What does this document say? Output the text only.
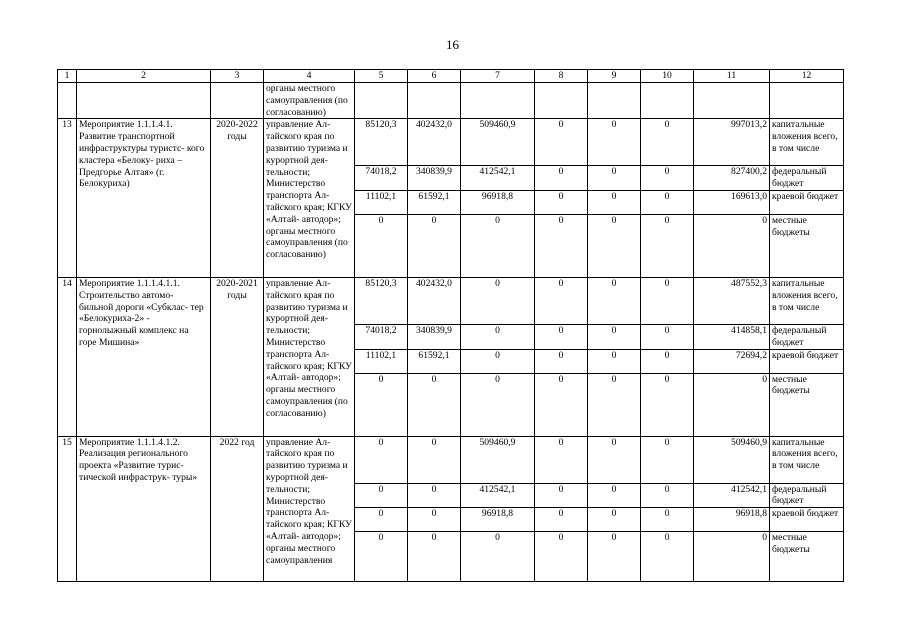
16
1	2	3	4	5	6	7	8	9	10	11	12
			органы местного самоуправления (по согласованию)								
13	Мероприятие 1.1.1.4.1. Развитие транспортной инфраструктуры туристс- кого кластера «Белоку- риха – Предгорье Алтая» (г. Белокуриха)	2020-2022 годы	управление Ал- тайского края по развитию туризма и курортной дея- тельности; Министерство транспорта Ал- тайского края; КГКУ «Алтай- автодор»; органы местного самоуправления (по согласованию)	85120,3	402432,0	509460,9	0	0	0	997013,2	капитальные вложения всего, в том числе
				74018,2	340839,9	412542,1	0	0	0	827400,2	федеральный бюджет
				11102,1	61592,1	96918,8	0	0	0	169613,0	краевой бюджет
				0	0	0	0	0	0	0	местные бюджеты
14	Мероприятие 1.1.1.4.1.1. Строительство автомо- бильной дороги «Субклас- тер «Белокуриха-2» - горнолыжный комплекс на горе Мишина»	2020-2021 годы	управление Ал- тайского края по развитию туризма и курортной дея- тельности; Министерство транспорта Ал- тайского края; КГКУ «Алтай- автодор»; органы местного самоуправления (по согласованию)	85120,3	402432,0	0	0	0	0	487552,3	капитальные вложения всего, в том числе
				74018,2	340839,9	0	0	0	0	414858,1	федеральный бюджет
				11102,1	61592,1	0	0	0	0	72694,2	краевой бюджет
				0	0	0	0	0	0	0	местные бюджеты
15	Мероприятие 1.1.1.4.1.2. Реализация регионального проекта «Развитие турис- тической инфраструк- туры»	2022 год	управление Ал- тайского края по развитию туризма и курортной дея- тельности; Министерство транспорта Ал- тайского края; КГКУ «Алтай- автодор»; органы местного самоуправления	0	0	509460,9	0	0	0	509460,9	капитальные вложения всего, в том числе
				0	0	412542,1	0	0	0	412542,1	федеральный бюджет
				0	0	96918,8	0	0	0	96918,8	краевой бюджет
				0	0	0	0	0	0	0	местные бюджеты
